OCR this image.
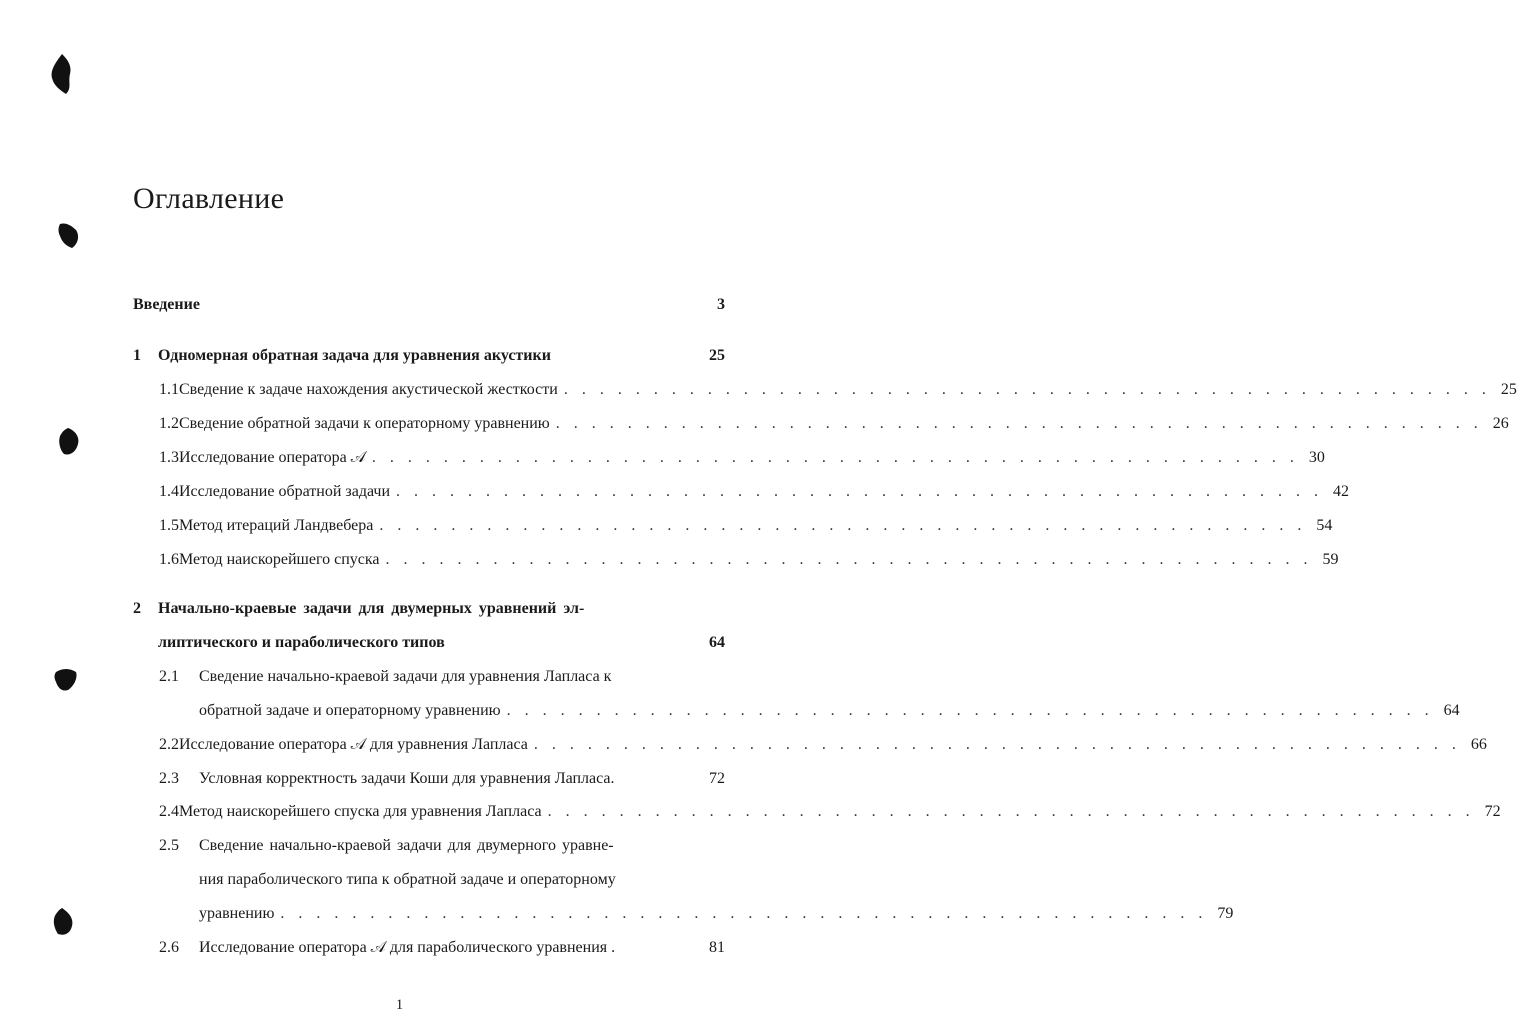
Оглавление
Введение	3
1	Одномерная обратная задача для уравнения акустики	25
1.1 Сведение к задаче нахождения акустической жесткости . . . . . . . . . . . . . . . . . . . . . . . . . . . . . . . . . . . . . . . . . . . . . . . . . . . . 25
1.2 Сведение обратной задачи к операторному уравнению . . . . . . . . . . . . . . . . . . . . . . . . . . . . . . . . . . . . . . . . . . . . . . . . . . . . 26
1.3 Исследование оператора 𝒜 . . . . . . . . . . . . . . . . . . . . . . . . . . . . . . . . . . . . . . . . . . . . . . . . . . . . 30
1.4 Исследование обратной задачи . . . . . . . . . . . . . . . . . . . . . . . . . . . . . . . . . . . . . . . . . . . . . . . . . . . . 42
1.5 Метод итераций Ландвебера . . . . . . . . . . . . . . . . . . . . . . . . . . . . . . . . . . . . . . . . . . . . . . . . . . . . 54
1.6 Метод наискорейшего спуска . . . . . . . . . . . . . . . . . . . . . . . . . . . . . . . . . . . . . . . . . . . . . . . . . . . . 59
2	Начально-краевые задачи для двумерных уравнений эл-
липтического и параболического типов	64
2.1	Сведение начально-краевой задачи для уравнения Лапласа к
обратной задаче и операторному уравнению . . . . . . . . . . . . . . . . . . . . . . . . . . . . . . . . . . . . . . . . . . . . . . . . . . . . 64
2.2 Исследование оператора 𝒜 для уравнения Лапласа . . . . . . . . . . . . . . . . . . . . . . . . . . . . . . . . . . . . . . . . . . . . . . . . . . . . 66
2.3	Условная корректность задачи Коши для уравнения Лапласа.	72
2.4 Метод наискорейшего спуска для уравнения Лапласа . . . . . . . . . . . . . . . . . . . . . . . . . . . . . . . . . . . . . . . . . . . . . . . . . . . . 72
2.5	Сведение начально-краевой задачи для двумерного уравне-
ния параболического типа к обратной задаче и операторному
уравнению . . . . . . . . . . . . . . . . . . . . . . . . . . . . . . . . . . . . . . . . . . . . . . . . . . . . 79
2.6	Исследование оператора 𝒜 для параболического уравнения .	81
1
